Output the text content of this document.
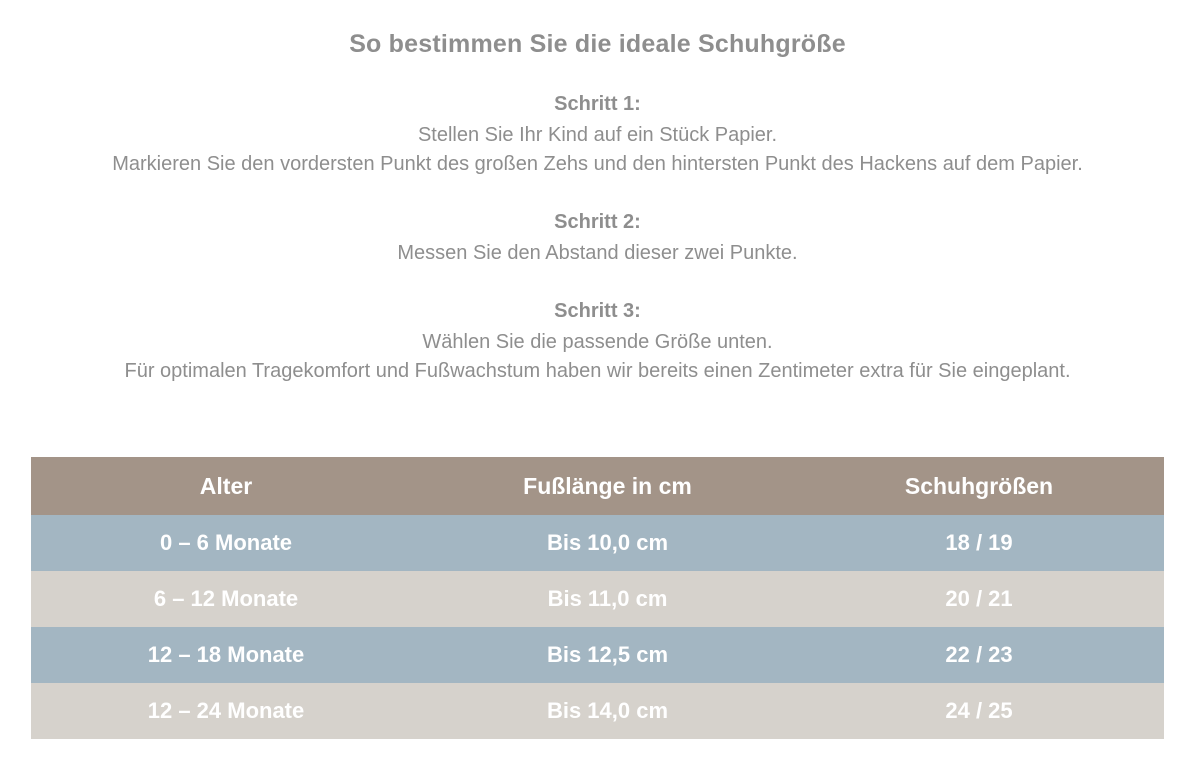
So bestimmen Sie die ideale Schuhgröße
Schritt 1:
Stellen Sie Ihr Kind auf ein Stück Papier.
Markieren Sie den vordersten Punkt des großen Zehs und den hintersten Punkt des Hackens auf dem Papier.
Schritt 2:
Messen Sie den Abstand dieser zwei Punkte.
Schritt 3:
Wählen Sie die passende Größe unten.
Für optimalen Tragekomfort und Fußwachstum haben wir bereits einen Zentimeter extra für Sie eingeplant.
Alter	Fußlänge in cm	Schuhgrößen
0 – 6 Monate	Bis 10,0 cm	18 / 19
6 – 12 Monate	Bis 11,0 cm	20 / 21
12 – 18 Monate	Bis 12,5 cm	22 / 23
12 – 24 Monate	Bis 14,0 cm	24 / 25
